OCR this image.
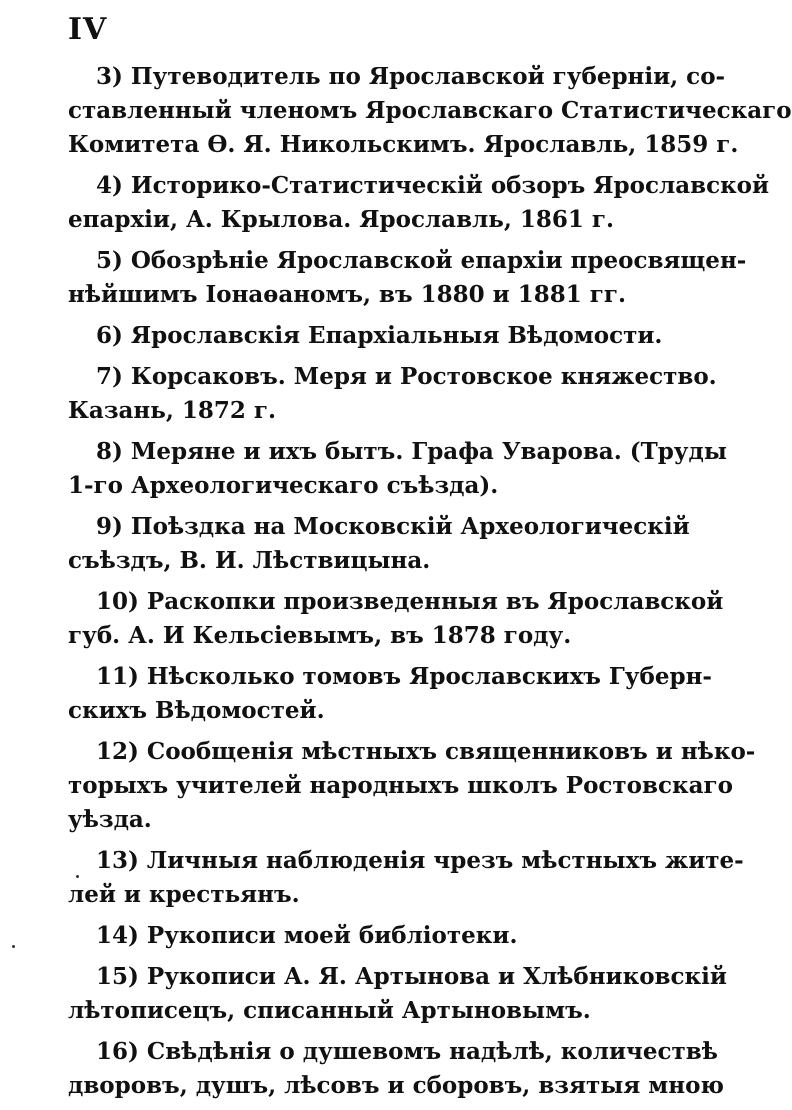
IV
3) Путеводитель по Ярославской губерніи, со-
ставленный членомъ Ярославскаго Статистическаго
Комитета Ѳ. Я. Никольскимъ. Ярославль, 1859 г.
4) Историко-Статистическій обзоръ Ярославской
епархіи, А. Крылова. Ярославль, 1861 г.
5) Обозрѣніе Ярославской епархіи преосвящен-
нѣйшимъ Іонаѳаномъ, въ 1880 и 1881 гг.
6) Ярославскія Епархіальныя Вѣдомости.
7) Корсаковъ. Меря и Ростовское княжество.
Казань, 1872 г.
8) Меряне и ихъ бытъ. Графа Уварова. (Труды
1-го Археологическаго съѣзда).
9) Поѣздка на Московскій Археологическій
съѣздъ, В. И. Лѣствицына.
10) Раскопки произведенныя въ Ярославской
губ. А. И Кельсіевымъ, въ 1878 году.
11) Нѣсколько томовъ Ярославскихъ Губерн-
скихъ Вѣдомостей.
12) Сообщенія мѣстныхъ священниковъ и нѣко-
торыхъ учителей народныхъ школъ Ростовскаго
уѣзда.
13) Личныя наблюденія чрезъ мѣстныхъ жите-
лей и крестьянъ.
14) Рукописи моей библіотеки.
15) Рукописи А. Я. Артынова и Хлѣбниковскій
лѣтописецъ, списанный Артыновымъ.
16) Свѣдѣнія о душевомъ надѣлѣ, количествѣ
дворовъ, душъ, лѣсовъ и сборовъ, взятыя мною
